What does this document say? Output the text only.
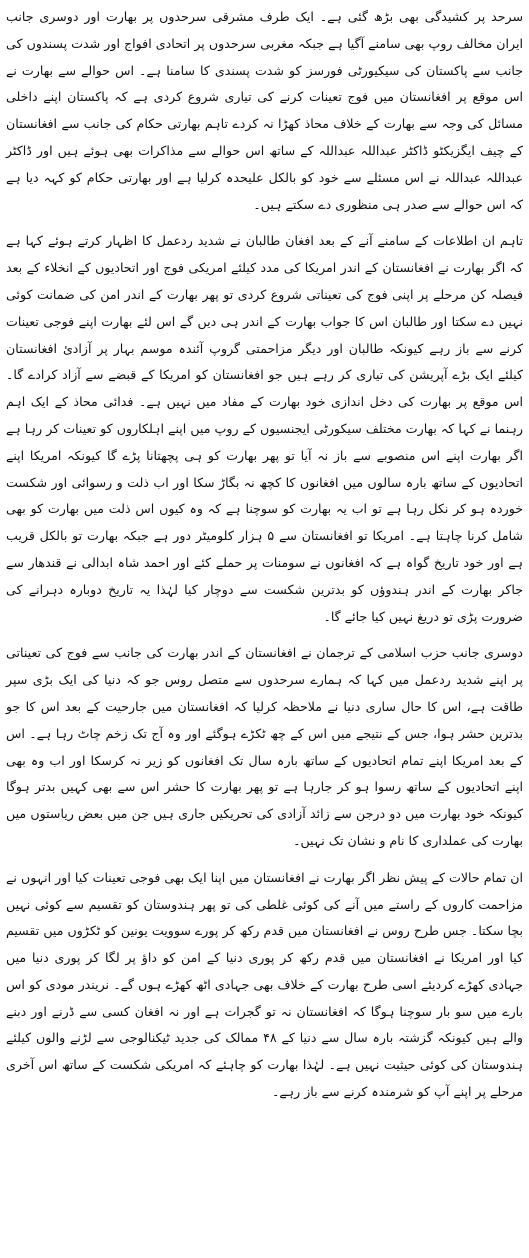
سرحد پر کشیدگی بھی بڑھ گئی ہے۔ ایک طرف مشرقی سرحدوں پر بھارت اور دوسری جانب ایران مخالف روپ بھی سامنے آگیا ہے جبکہ مغربی سرحدوں پر اتحادی افواج اور شدت پسندوں کی جانب سے پاکستان کی سیکیورٹی فورسز کو شدت پسندی کا سامنا ہے۔ اس حوالے سے بھارت نے اس موقع پر افغانستان میں فوج تعینات کرنے کی تیاری شروع کردی ہے کہ پاکستان اپنے داخلی مسائل کی وجہ سے بھارت کے خلاف محاذ کھڑا نہ کردے تاہم بھارتی حکام کی جانب سے افغانستان کے چیف ایگزیکٹو ڈاکٹر عبداللہ عبداللہ کے ساتھ اس حوالے سے مذاکرات بھی ہوئے ہیں اور ڈاکٹر عبداللہ عبداللہ نے اس مسئلے سے خود کو بالکل علیحدہ کرلیا ہے اور بھارتی حکام کو کہہ دیا ہے کہ اس حوالے سے صدر ہی منظوری دے سکتے ہیں۔

تاہم ان اطلاعات کے سامنے آنے کے بعد افغان طالبان نے شدید ردعمل کا اظہار کرتے ہوئے کہا ہے کہ اگر بھارت نے افغانستان کے اندر امریکا کی مدد کیلئے امریکی فوج اور اتحادیوں کے انخلاء کے بعد فیصلہ کن مرحلے پر اپنی فوج کی تعیناتی شروع کردی تو پھر بھارت کے اندر امن کی ضمانت کوئی نہیں دے سکتا اور طالبان اس کا جواب بھارت کے اندر ہی دیں گے اس لئے بھارت اپنے فوجی تعینات کرنے سے باز رہے کیونکہ طالبان اور دیگر مزاحمتی گروپ آئندہ موسم بہار پر آزادیٔ افغانستان کیلئے ایک بڑے آپریشن کی تیاری کر رہے ہیں جو افغانستان کو امریکا کے قبضے سے آزاد کرادے گا۔ اس موقع پر بھارت کی دخل اندازی خود بھارت کے مفاد میں نہیں ہے۔ فدائی محاذ کے ایک اہم رہنما نے کہا کہ بھارت مختلف سیکورٹی ایجنسیوں کے روپ میں اپنے اہلکاروں کو تعینات کر رہا ہے اگر بھارت اپنے اس منصوبے سے باز نہ آیا تو پھر بھارت کو ہی پچھتانا پڑے گا کیونکہ امریکا اپنے اتحادیوں کے ساتھ بارہ سالوں میں افغانوں کا کچھ نہ بگاڑ سکا اور اب ذلت و رسوائی اور شکست خوردہ ہو کر نکل رہا ہے تو اب یہ بھارت کو سوچنا ہے کہ وہ کیوں اس ذلت میں بھارت کو بھی شامل کرنا چاہتا ہے۔ امریکا تو افغانستان سے ۵ ہزار کلومیٹر دور ہے جبکہ بھارت تو بالکل قریب ہے اور خود تاریخ گواہ ہے کہ افغانوں نے سومنات پر حملے کئے اور احمد شاہ ابدالی نے قندھار سے جاکر بھارت کے اندر ہندوؤں کو بدترین شکست سے دوچار کیا لہٰذا یہ تاریخ دوبارہ دہرانے کی ضرورت پڑی تو دریغ نہیں کیا جائے گا۔

دوسری جانب حزب اسلامی کے ترجمان نے افغانستان کے اندر بھارت کی جانب سے فوج کی تعیناتی پر اپنے شدید ردعمل میں کہا کہ ہمارے سرحدوں سے متصل روس جو کہ دنیا کی ایک بڑی سپر طاقت ہے، اس کا حال ساری دنیا نے ملاحظہ کرلیا کہ افغانستان میں جارحیت کے بعد اس کا جو بدترین حشر ہوا، جس کے نتیجے میں اس کے چھ ٹکڑے ہوگئے اور وہ آج تک زخم چاٹ رہا ہے۔ اس کے بعد امریکا اپنے تمام اتحادیوں کے ساتھ بارہ سال تک افغانوں کو زیر نہ کرسکا اور اب وہ بھی اپنے اتحادیوں کے ساتھ رسوا ہو کر جارہا ہے تو پھر بھارت کا حشر اس سے بھی کہیں بدتر ہوگا کیونکہ خود بھارت میں دو درجن سے زائد آزادی کی تحریکیں جاری ہیں جن میں بعض ریاستوں میں بھارت کی عملداری کا نام و نشان تک نہیں۔

ان تمام حالات کے پیش نظر اگر بھارت نے افغانستان میں اپنا ایک بھی فوجی تعینات کیا اور انہوں نے مزاحمت کاروں کے راستے میں آنے کی کوئی غلطی کی تو پھر ہندوستان کو تقسیم سے کوئی نہیں بچا سکتا۔ جس طرح روس نے افغانستان میں قدم رکھ کر پورے سوویت یونین کو ٹکڑوں میں تقسیم کیا اور امریکا نے افغانستان میں قدم رکھ کر پوری دنیا کے امن کو داؤ پر لگا کر پوری دنیا میں جہادی کھڑے کردیئے اسی طرح بھارت کے خلاف بھی جہادی اٹھ کھڑے ہوں گے۔ نریندر مودی کو اس بارے میں سو بار سوچنا ہوگا کہ افغانستان نہ تو گجرات ہے اور نہ افغان کسی سے ڈرنے اور دبنے والے ہیں کیونکہ گزشتہ بارہ سال سے دنیا کے ۴۸ ممالک کی جدید ٹیکنالوجی سے لڑنے والوں کیلئے ہندوستان کی کوئی حیثیت نہیں ہے۔ لہٰذا بھارت کو چاہئے کہ امریکی شکست کے ساتھ اس آخری مرحلے پر اپنے آپ کو شرمندہ کرنے سے باز رہے۔
